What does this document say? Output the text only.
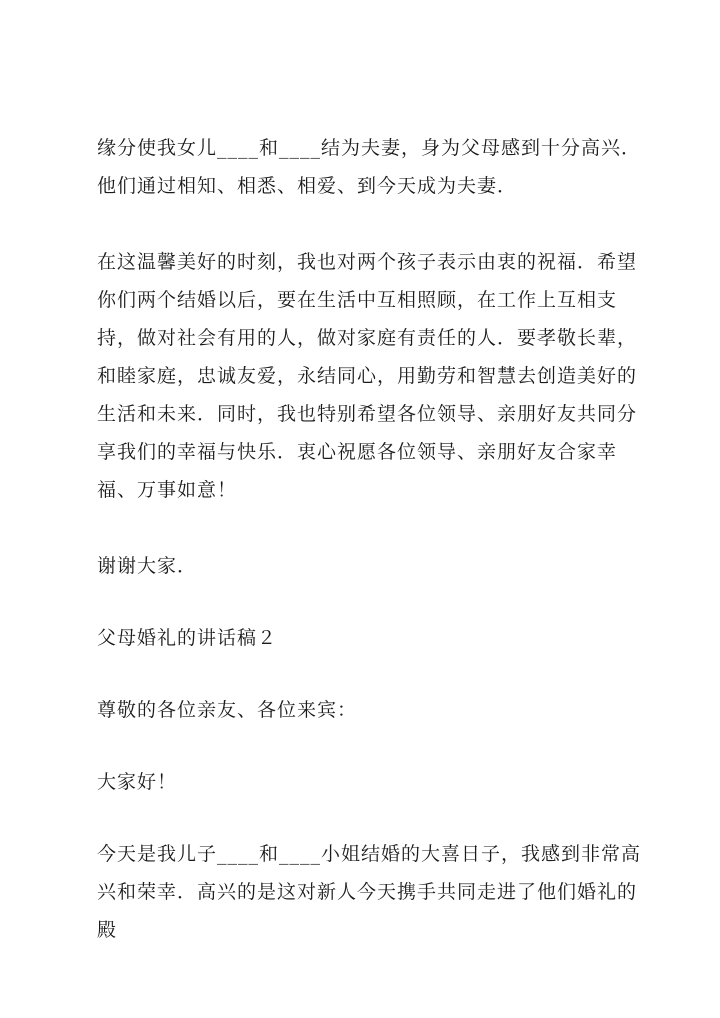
缘分使我女儿____和____结为夫妻，身为父母感到十分高兴．他们通过相知、相悉、相爱、到今天成为夫妻．

在这温馨美好的时刻，我也对两个孩子表示由衷的祝福．希望你们两个结婚以后，要在生活中互相照顾，在工作上互相支持，做对社会有用的人，做对家庭有责任的人．要孝敬长辈，和睦家庭，忠诚友爱，永结同心，用勤劳和智慧去创造美好的生活和未来．同时，我也特别希望各位领导、亲朋好友共同分享我们的幸福与快乐．衷心祝愿各位领导、亲朋好友合家幸福、万事如意！

谢谢大家．

父母婚礼的讲话稿２

尊敬的各位亲友、各位来宾：

大家好！

今天是我儿子____和____小姐结婚的大喜日子，我感到非常高兴和荣幸．高兴的是这对新人今天携手共同走进了他们婚礼的殿
